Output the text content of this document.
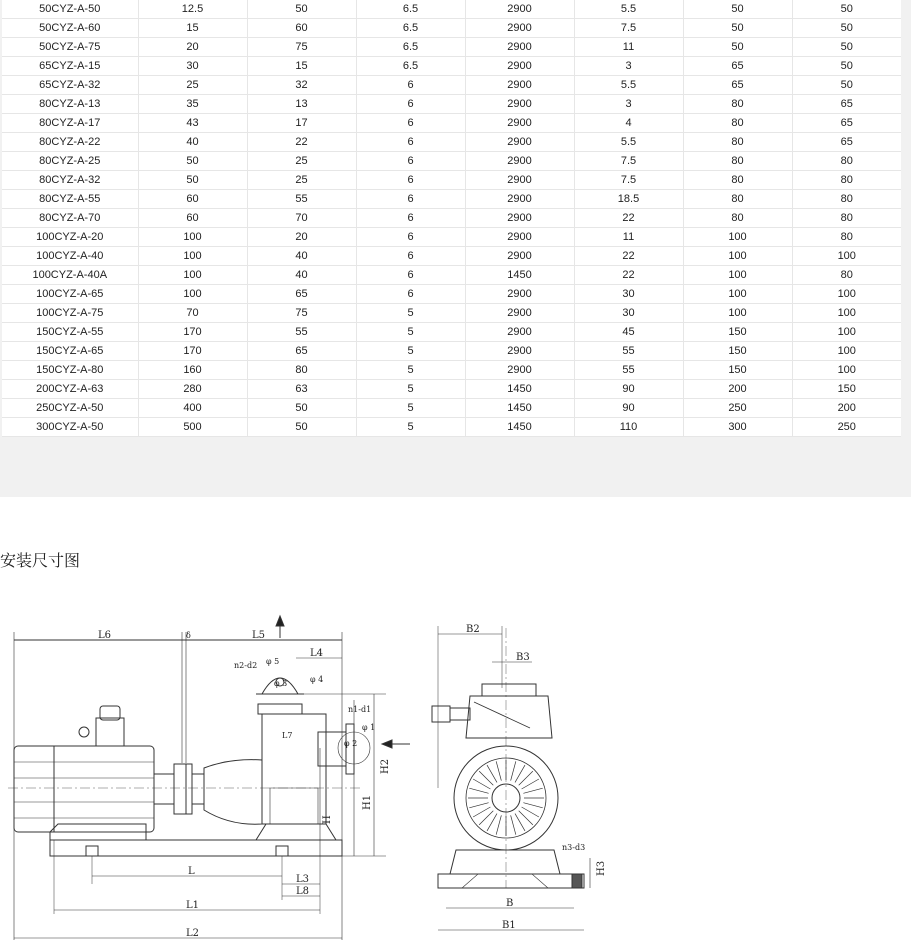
50CYZ-A-50	12.5	50	6.5	2900	5.5	50	50
50CYZ-A-60	15	60	6.5	2900	7.5	50	50
50CYZ-A-75	20	75	6.5	2900	11	50	50
65CYZ-A-15	30	15	6.5	2900	3	65	50
65CYZ-A-32	25	32	6	2900	5.5	65	50
80CYZ-A-13	35	13	6	2900	3	80	65
80CYZ-A-17	43	17	6	2900	4	80	65
80CYZ-A-22	40	22	6	2900	5.5	80	65
80CYZ-A-25	50	25	6	2900	7.5	80	80
80CYZ-A-32	50	25	6	2900	7.5	80	80
80CYZ-A-55	60	55	6	2900	18.5	80	80
80CYZ-A-70	60	70	6	2900	22	80	80
100CYZ-A-20	100	20	6	2900	11	100	80
100CYZ-A-40	100	40	6	2900	22	100	100
100CYZ-A-40A	100	40	6	1450	22	100	80
100CYZ-A-65	100	65	6	2900	30	100	100
100CYZ-A-75	70	75	5	2900	30	100	100
150CYZ-A-55	170	55	5	2900	45	150	100
150CYZ-A-65	170	65	5	2900	55	150	100
150CYZ-A-80	160	80	5	2900	55	150	100
200CYZ-A-63	280	63	5	1450	90	200	150
250CYZ-A-50	400	50	5	1450	90	250	200
300CYZ-A-50	500	50	5	1450	110	300	250
安装尺寸图
L6	δ	L5
L4
n2-d2 φ 5
φ 3	φ 4
n1-d1
φ 1
φ 2
L7
H2
H1
H
L
L3
L8
L1
L2
B2
B3
n3-d3
H3
B
B1
